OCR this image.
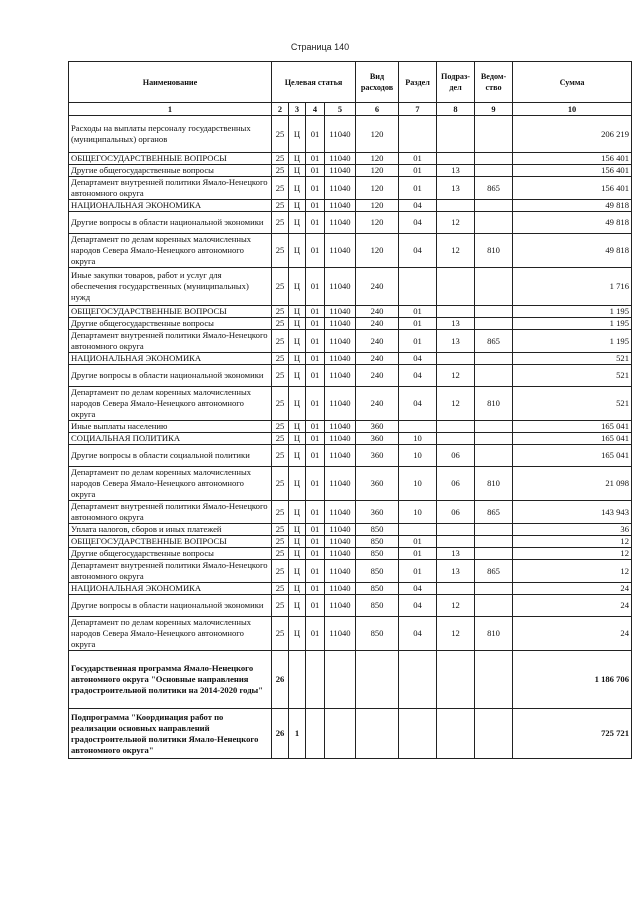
Страница 140
Наименование	Целевая статья				Вид расходов	Раздел	Подраз-дел	Ведом-ство	Сумма
1	2	3	4	5	6	7	8	9	10
Расходы на выплаты персоналу государственных (муниципальных) органов	25	Ц	01	11040	120				206 219
ОБЩЕГОСУДАРСТВЕННЫЕ ВОПРОСЫ	25	Ц	01	11040	120	01			156 401
Другие общегосударственные вопросы	25	Ц	01	11040	120	01	13		156 401
Департамент внутренней политики Ямало-Ненецкого автономного округа	25	Ц	01	11040	120	01	13	865	156 401
НАЦИОНАЛЬНАЯ ЭКОНОМИКА	25	Ц	01	11040	120	04			49 818
Другие вопросы в области национальной экономики	25	Ц	01	11040	120	04	12		49 818
Департамент по делам коренных малочисленных народов Севера Ямало-Ненецкого автономного округа	25	Ц	01	11040	120	04	12	810	49 818
Иные закупки товаров, работ и услуг для обеспечения государственных (муниципальных) нужд	25	Ц	01	11040	240				1 716
ОБЩЕГОСУДАРСТВЕННЫЕ ВОПРОСЫ	25	Ц	01	11040	240	01			1 195
Другие общегосударственные вопросы	25	Ц	01	11040	240	01	13		1 195
Департамент внутренней политики Ямало-Ненецкого автономного округа	25	Ц	01	11040	240	01	13	865	1 195
НАЦИОНАЛЬНАЯ ЭКОНОМИКА	25	Ц	01	11040	240	04			521
Другие вопросы в области национальной экономики	25	Ц	01	11040	240	04	12		521
Департамент по делам коренных малочисленных народов Севера Ямало-Ненецкого автономного округа	25	Ц	01	11040	240	04	12	810	521
Иные выплаты населению	25	Ц	01	11040	360				165 041
СОЦИАЛЬНАЯ ПОЛИТИКА	25	Ц	01	11040	360	10			165 041
Другие вопросы в области социальной политики	25	Ц	01	11040	360	10	06		165 041
Департамент по делам коренных малочисленных народов Севера Ямало-Ненецкого автономного округа	25	Ц	01	11040	360	10	06	810	21 098
Департамент внутренней политики Ямало-Ненецкого автономного округа	25	Ц	01	11040	360	10	06	865	143 943
Уплата налогов, сборов и иных платежей	25	Ц	01	11040	850				36
ОБЩЕГОСУДАРСТВЕННЫЕ ВОПРОСЫ	25	Ц	01	11040	850	01			12
Другие общегосударственные вопросы	25	Ц	01	11040	850	01	13		12
Департамент внутренней политики Ямало-Ненецкого автономного округа	25	Ц	01	11040	850	01	13	865	12
НАЦИОНАЛЬНАЯ ЭКОНОМИКА	25	Ц	01	11040	850	04			24
Другие вопросы в области национальной экономики	25	Ц	01	11040	850	04	12		24
Департамент по делам коренных малочисленных народов Севера Ямало-Ненецкого автономного округа	25	Ц	01	11040	850	04	12	810	24
Государственная программа Ямало-Ненецкого автономного округа "Основные направления градостроительной политики на 2014-2020 годы"	26								1 186 706
Подпрограмма "Координация работ по реализации основных направлений градостроительной политики Ямало-Ненецкого автономного округа"	26	1							725 721
